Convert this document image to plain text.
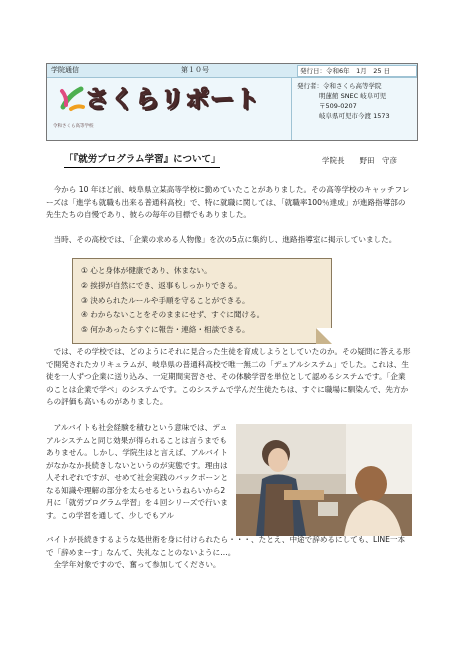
学院通信	第１０号	発行日：令和6年　1月　25 日
さくらリポート
令和さくら高等学校
発行者：令和さくら高等学院
明蓮館 SNEC 岐阜可児
〒509-0207
岐阜県可児市今渡 1573
「『就労プログラム学習』について」	学院長　　野田　守彦

今から 10 年ほど前、岐阜県立某高等学校に勤めていたことがありました。その高等学校のキャッチフレーズは「進学も就職も出来る普通科高校」で、特に就職に関しては、「就職率100％達成」が進路指導部の先生たちの自慢であり、彼らの毎年の目標でもありました。

当時、その高校では、「企業の求める人物像」を次の5点に集約し、進路指導室に掲示していました。

① 心と身体が健康であり、休まない。
② 挨拶が自然にでき、返事もしっかりできる。
③ 決められたルールや手順を守ることができる。
④ わからないことをそのままにせず、すぐに聞ける。
⑤ 何かあったらすぐに報告・連絡・相談できる。

では、その学校では、どのようにそれに見合った生徒を育成しようとしていたのか。その疑問に答える形で開発されたカリキュラムが、岐阜県の普通科高校で唯一無二の「デュアルシステム」でした。これは、生徒を一人ずつ企業に送り込み、一定期間実習させ、その体験学習を単位として認めるシステムです。「企業のことは企業で学べ」のシステムです。このシステムで学んだ生徒たちは、すぐに職場に馴染んで、先方からの評価も高いものがありました。

アルバイトも社会経験を積むという意味では、デュアルシステムと同じ効果が得られることは言うまでもありません。しかし、学院生はと言えば、アルバイトがなかなか長続きしないというのが実態です。理由は人それぞれですが、せめて社会実践のバックボーンとなる知識や理解の部分を太らせるというねらいから2月に「就労プログラム学習」を４回シリーズで行います。この学習を通して、少しでもアル

バイトが長続きするような処世術を身に付けられたら・・・、たとえ、中途で辞めるにしても、LINE一本で「辞めまーす」なんて、失礼なことのないように…。
　全学年対象ですので、奮って参加してください。
